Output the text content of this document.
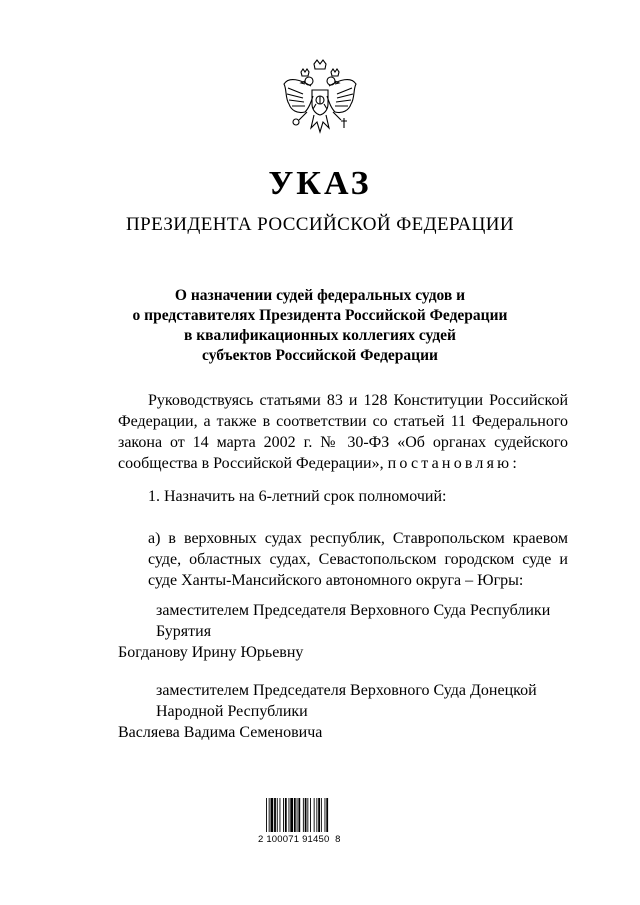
УКАЗ
ПРЕЗИДЕНТА РОССИЙСКОЙ ФЕДЕРАЦИИ
О назначении судей федеральных судов и
о представителях Президента Российской Федерации
в квалификационных коллегиях судей
субъектов Российской Федерации
Руководствуясь статьями 83 и 128 Конституции Российской Федерации, а также в соответствии со статьей 11 Федерального закона от 14 марта 2002 г. № 30-ФЗ «Об органах судейского сообщества в Российской Федерации», постановляю:
1. Назначить на 6-летний срок полномочий:
а) в верховных судах республик, Ставропольском краевом суде, областных судах, Севастопольском городском суде и суде Ханты-Мансийского автономного округа – Югры:
заместителем Председателя Верховного Суда Республики
Бурятия
Богданову Ирину Юрьевну
заместителем Председателя Верховного Суда Донецкой
Народной Республики
Васляева Вадима Семеновича
2 100071 91450  8
